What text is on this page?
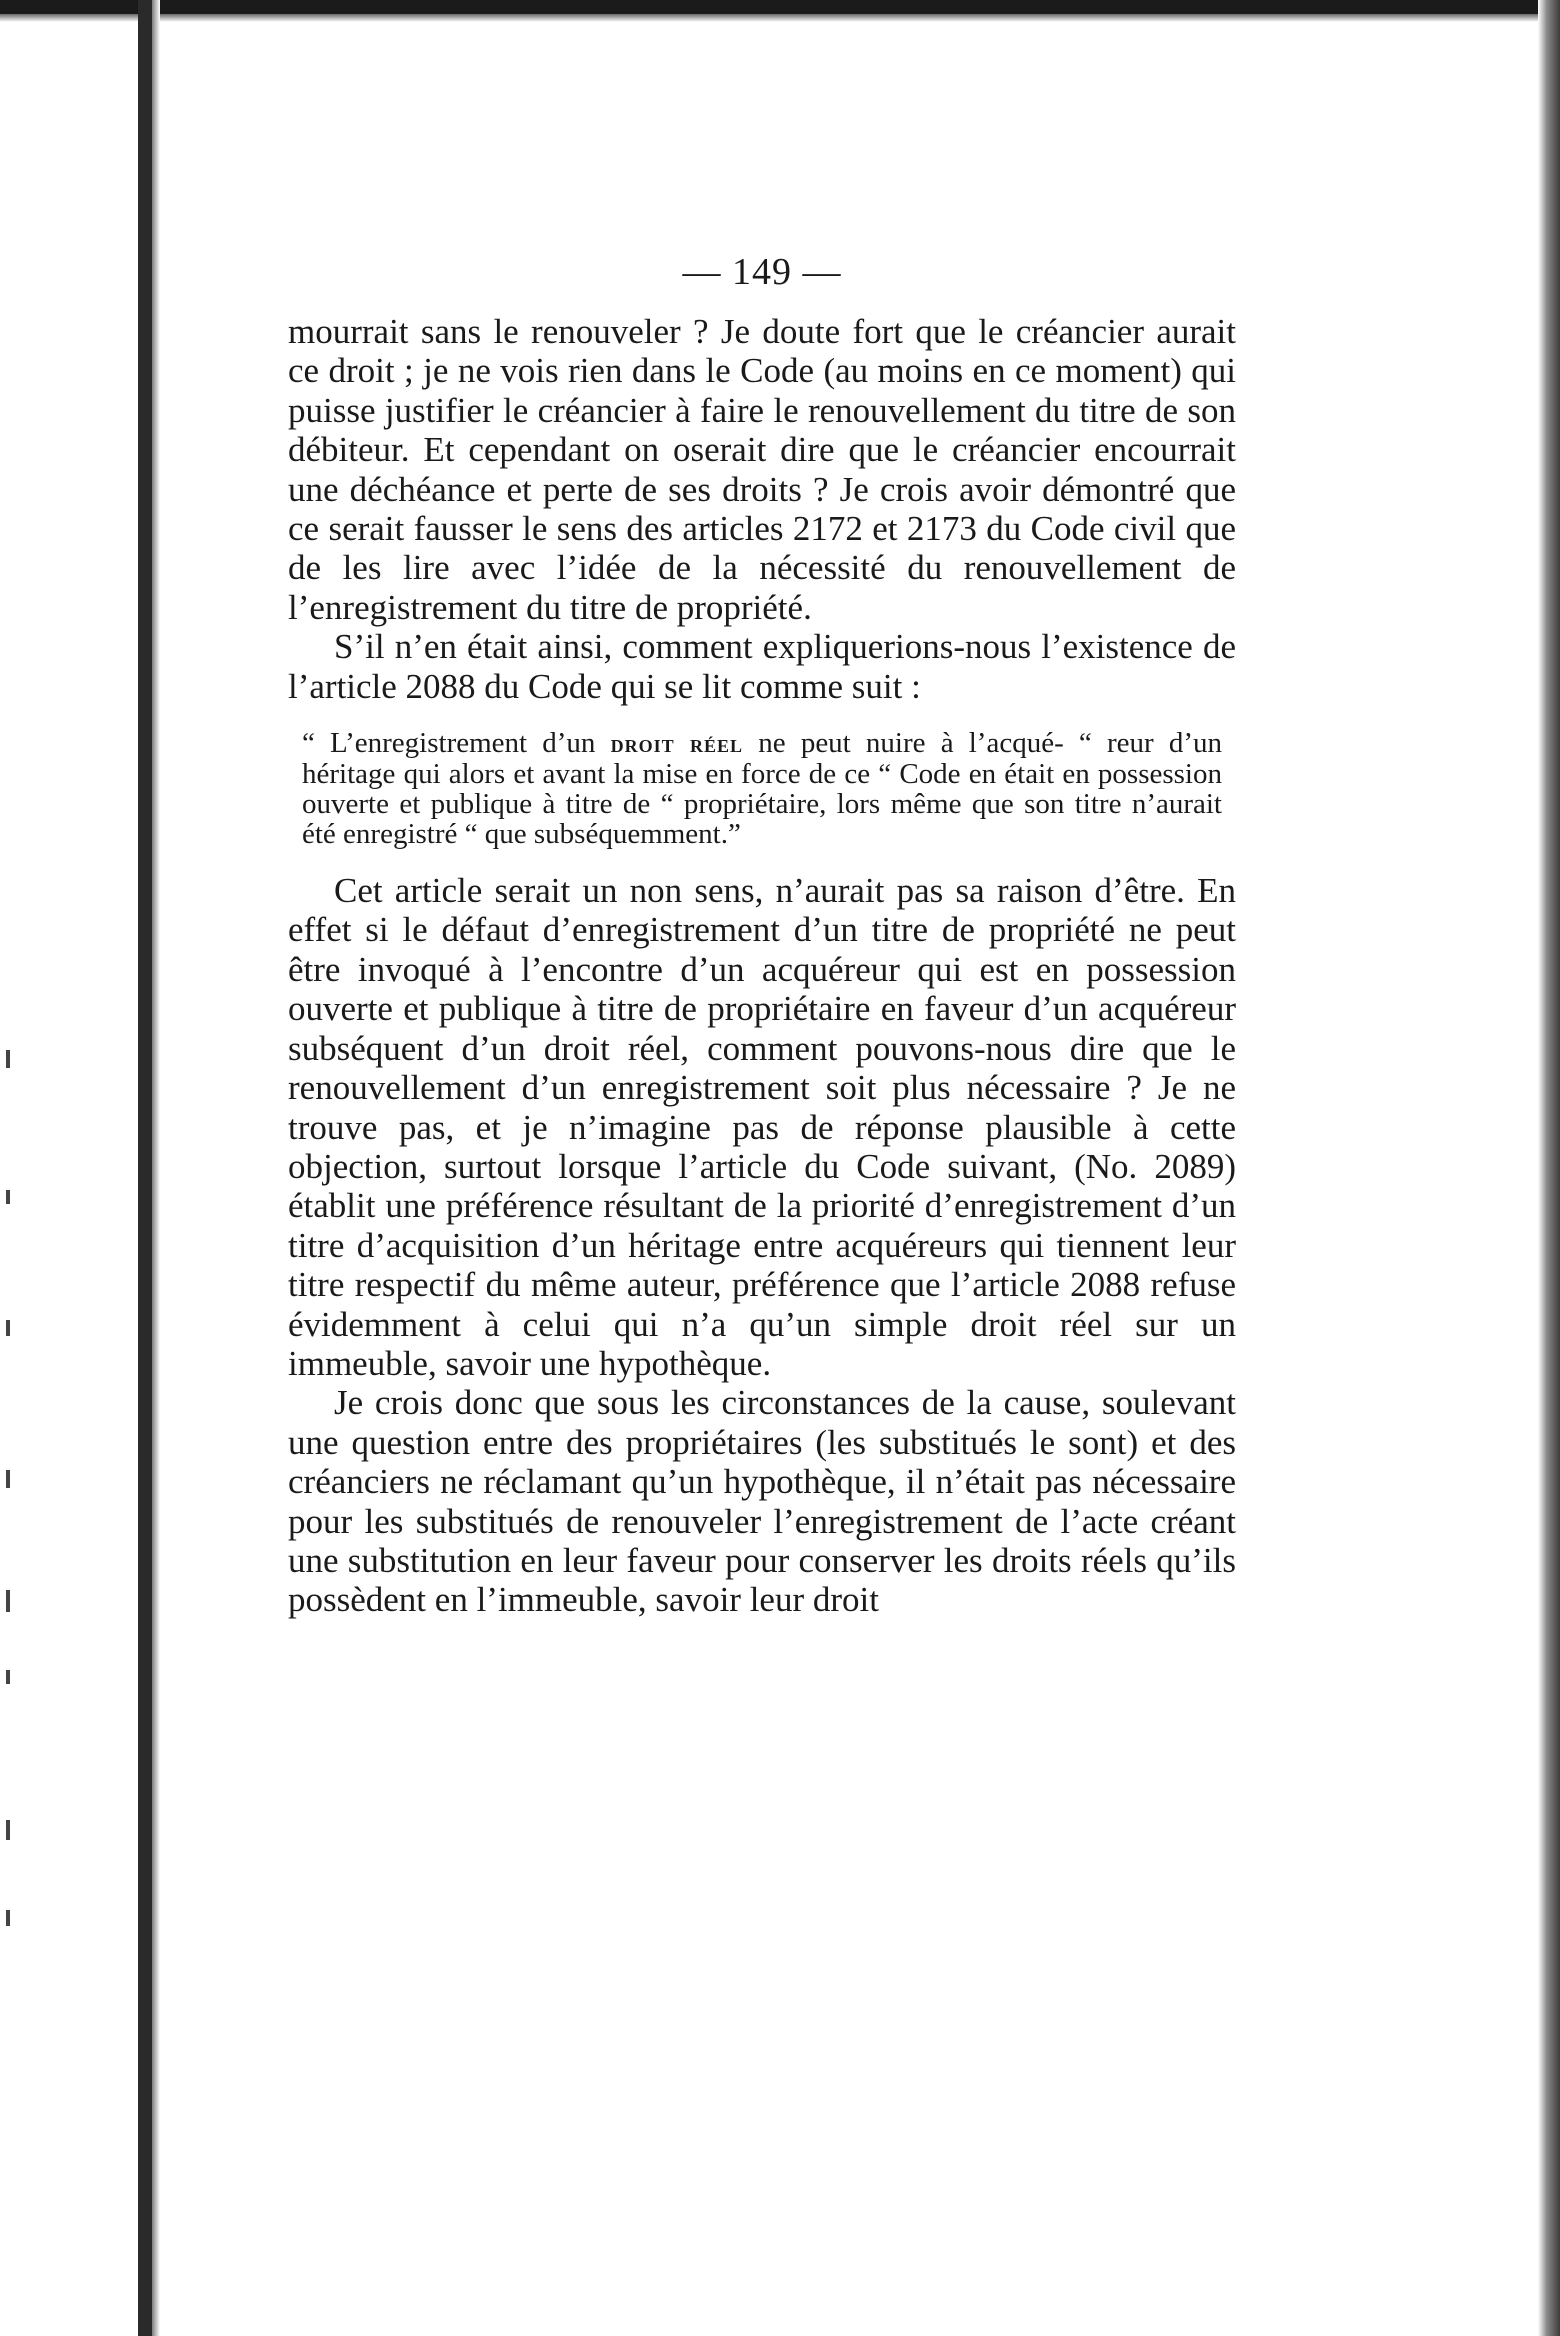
— 149 —

mourrait sans le renouveler ? Je doute fort que le créancier aurait ce droit ; je ne vois rien dans le Code (au moins en ce moment) qui puisse justifier le créancier à faire le renouvellement du titre de son débiteur. Et cependant on oserait dire que le créancier encourrait une déchéance et perte de ses droits ? Je crois avoir démontré que ce serait fausser le sens des articles 2172 et 2173 du Code civil que de les lire avec l’idée de la nécessité du renouvellement de l’enregistrement du titre de propriété.

S’il n’en était ainsi, comment expliquerions-nous l’existence de l’article 2088 du Code qui se lit comme suit :

“ L’enregistrement d’un droit réel ne peut nuire à l’acqué- “ reur d’un héritage qui alors et avant la mise en force de ce “ Code en était en possession ouverte et publique à titre de “ propriétaire, lors même que son titre n’aurait été enregistré “ que subséquemment.”

Cet article serait un non sens, n’aurait pas sa raison d’être. En effet si le défaut d’enregistrement d’un titre de propriété ne peut être invoqué à l’encontre d’un acquéreur qui est en possession ouverte et publique à titre de propriétaire en faveur d’un acquéreur subséquent d’un droit réel, comment pouvons-nous dire que le renouvellement d’un enregistrement soit plus nécessaire ? Je ne trouve pas, et je n’imagine pas de réponse plausible à cette objection, surtout lorsque l’article du Code suivant, (No. 2089) établit une préférence résultant de la priorité d’enregistrement d’un titre d’acquisition d’un héritage entre acquéreurs qui tiennent leur titre respectif du même auteur, préférence que l’article 2088 refuse évidemment à celui qui n’a qu’un simple droit réel sur un immeuble, savoir une hypothèque.

Je crois donc que sous les circonstances de la cause, soulevant une question entre des propriétaires (les substitués le sont) et des créanciers ne réclamant qu’un hypothèque, il n’était pas nécessaire pour les substitués de renouveler l’enregistrement de l’acte créant une substitution en leur faveur pour conserver les droits réels qu’ils possèdent en l’immeuble, savoir leur droit
